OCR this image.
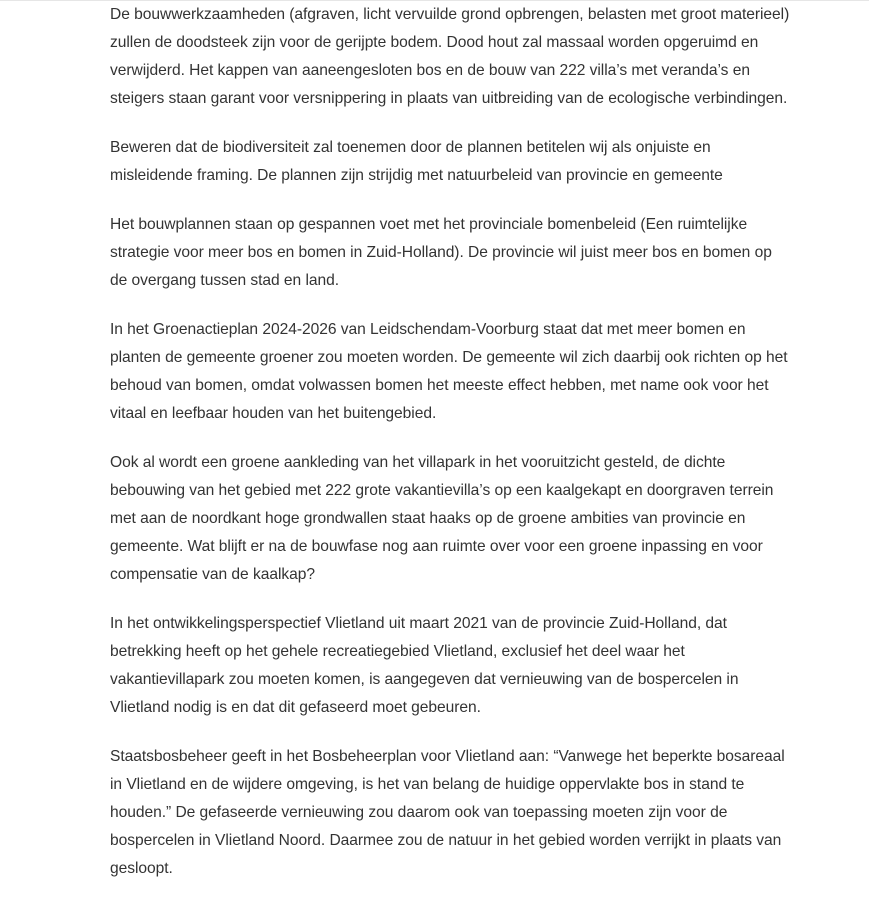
De bouwwerkzaamheden (afgraven, licht vervuilde grond opbrengen, belasten met groot materieel) zullen de doodsteek zijn voor de gerijpte bodem. Dood hout zal massaal worden opgeruimd en verwijderd. Het kappen van aaneengesloten bos en de bouw van 222 villa’s met veranda’s en steigers staan garant voor versnippering in plaats van uitbreiding van de ecologische verbindingen.

Beweren dat de biodiversiteit zal toenemen door de plannen betitelen wij als onjuiste en misleidende framing. De plannen zijn strijdig met natuurbeleid van provincie en gemeente

Het bouwplannen staan op gespannen voet met het provinciale bomenbeleid (Een ruimtelijke strategie voor meer bos en bomen in Zuid-Holland). De provincie wil juist meer bos en bomen op de overgang tussen stad en land.

In het Groenactieplan 2024-2026 van Leidschendam-Voorburg staat dat met meer bomen en planten de gemeente groener zou moeten worden. De gemeente wil zich daarbij ook richten op het behoud van bomen, omdat volwassen bomen het meeste effect hebben, met name ook voor het vitaal en leefbaar houden van het buitengebied.

Ook al wordt een groene aankleding van het villapark in het vooruitzicht gesteld, de dichte bebouwing van het gebied met 222 grote vakantievilla’s op een kaalgekapt en doorgraven terrein met aan de noordkant hoge grondwallen staat haaks op de groene ambities van provincie en gemeente. Wat blijft er na de bouwfase nog aan ruimte over voor een groene inpassing en voor compensatie van de kaalkap?

In het ontwikkelingsperspectief Vlietland uit maart 2021 van de provincie Zuid-Holland, dat betrekking heeft op het gehele recreatiegebied Vlietland, exclusief het deel waar het vakantievillapark zou moeten komen, is aangegeven dat vernieuwing van de bospercelen in Vlietland nodig is en dat dit gefaseerd moet gebeuren.

Staatsbosbeheer geeft in het Bosbeheerplan voor Vlietland aan: “Vanwege het beperkte bosareaal in Vlietland en de wijdere omgeving, is het van belang de huidige oppervlakte bos in stand te houden.” De gefaseerde vernieuwing zou daarom ook van toepassing moeten zijn voor de bospercelen in Vlietland Noord. Daarmee zou de natuur in het gebied worden verrijkt in plaats van gesloopt.
